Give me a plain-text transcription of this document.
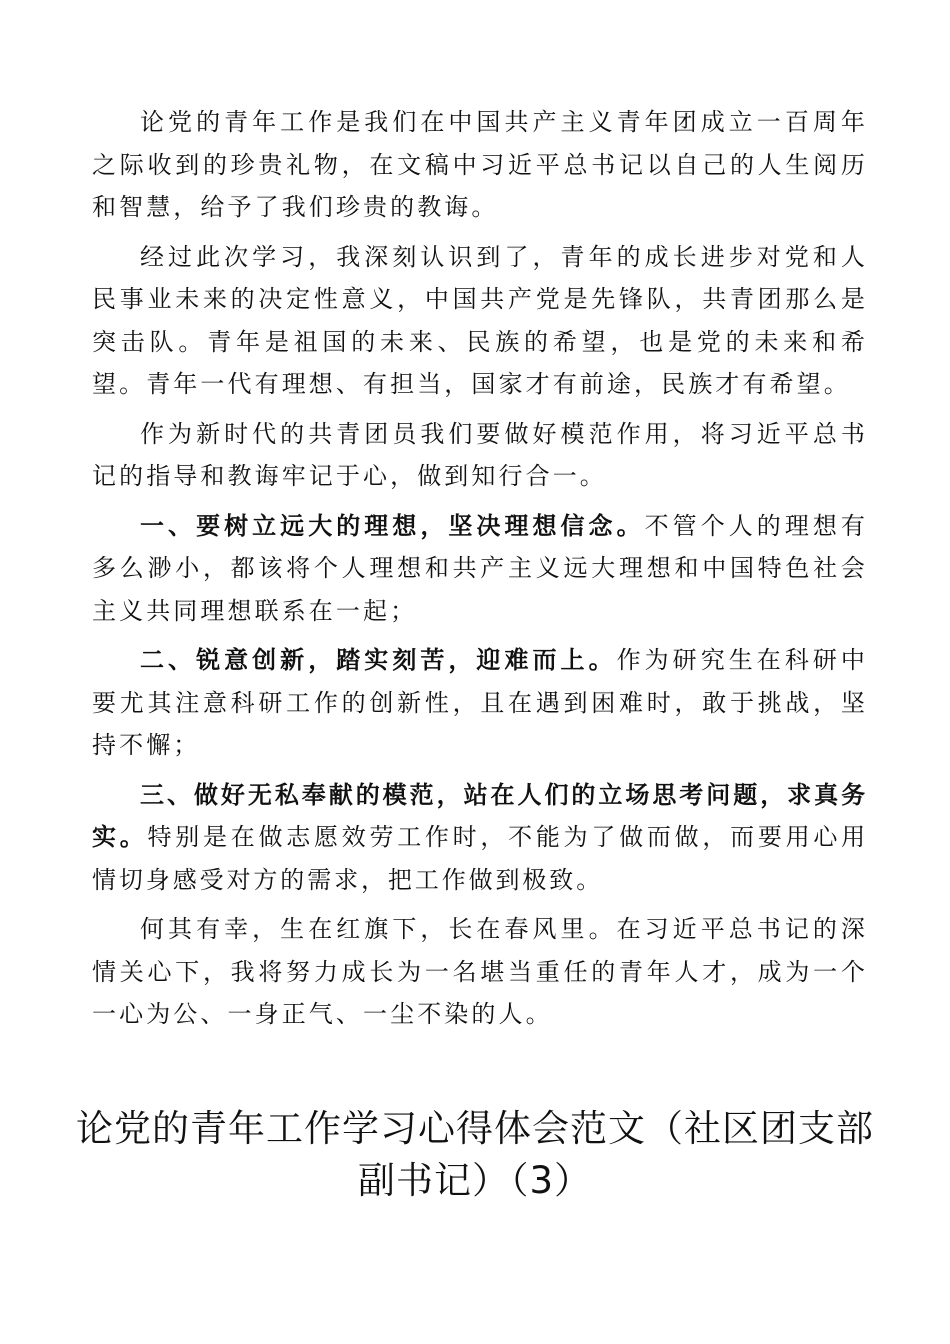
论党的青年工作是我们在中国共产主义青年团成立一百周年之际收到的珍贵礼物，在文稿中习近平总书记以自己的人生阅历和智慧，给予了我们珍贵的教诲。

经过此次学习，我深刻认识到了，青年的成长进步对党和人民事业未来的决定性意义，中国共产党是先锋队，共青团那么是突击队。青年是祖国的未来、民族的希望，也是党的未来和希望。青年一代有理想、有担当，国家才有前途，民族才有希望。

作为新时代的共青团员我们要做好模范作用，将习近平总书记的指导和教诲牢记于心，做到知行合一。

一、要树立远大的理想，坚决理想信念。不管个人的理想有多么渺小，都该将个人理想和共产主义远大理想和中国特色社会主义共同理想联系在一起；

二、锐意创新，踏实刻苦，迎难而上。作为研究生在科研中要尤其注意科研工作的创新性，且在遇到困难时，敢于挑战，坚持不懈；

三、做好无私奉献的模范，站在人们的立场思考问题，求真务实。特别是在做志愿效劳工作时，不能为了做而做，而要用心用情切身感受对方的需求，把工作做到极致。

何其有幸，生在红旗下，长在春风里。在习近平总书记的深情关心下，我将努力成长为一名堪当重任的青年人才，成为一个一心为公、一身正气、一尘不染的人。

论党的青年工作学习心得体会范文（社区团支部副书记）（3）
